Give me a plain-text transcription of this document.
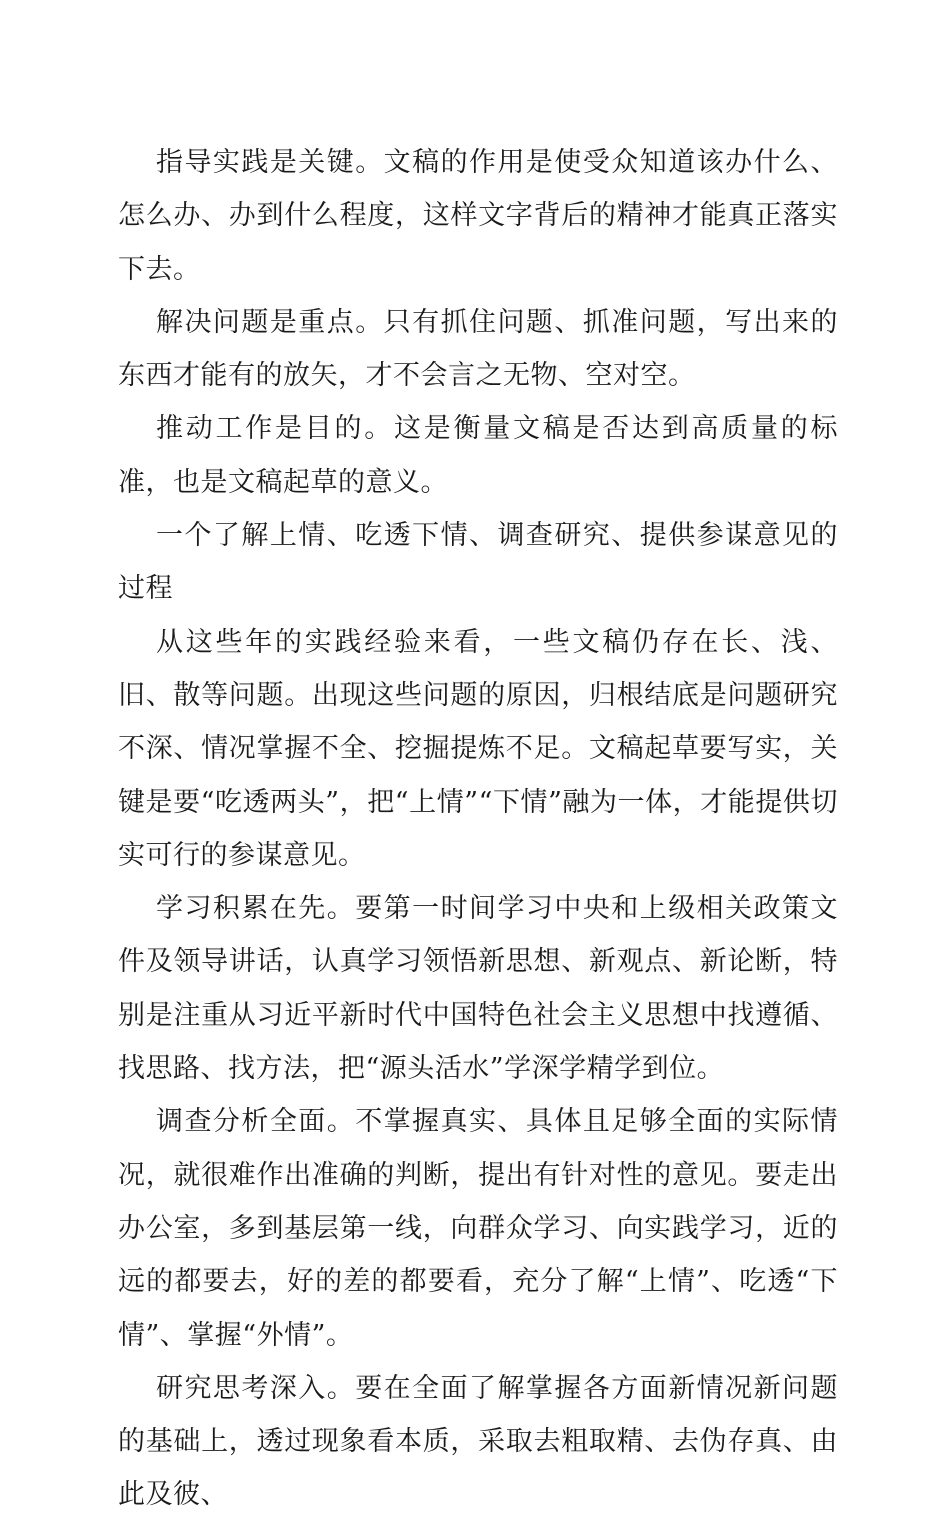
指导实践是关键。文稿的作用是使受众知道该办什么、怎么办、办到什么程度，这样文字背后的精神才能真正落实下去。

解决问题是重点。只有抓住问题、抓准问题，写出来的东西才能有的放矢，才不会言之无物、空对空。

推动工作是目的。这是衡量文稿是否达到高质量的标准，也是文稿起草的意义。

一个了解上情、吃透下情、调查研究、提供参谋意见的过程

从这些年的实践经验来看，一些文稿仍存在长、浅、旧、散等问题。出现这些问题的原因，归根结底是问题研究不深、情况掌握不全、挖掘提炼不足。文稿起草要写实，关键是要“吃透两头”，把“上情”“下情”融为一体，才能提供切实可行的参谋意见。

学习积累在先。要第一时间学习中央和上级相关政策文件及领导讲话，认真学习领悟新思想、新观点、新论断，特别是注重从习近平新时代中国特色社会主义思想中找遵循、找思路、找方法，把“源头活水”学深学精学到位。

调查分析全面。不掌握真实、具体且足够全面的实际情况，就很难作出准确的判断，提出有针对性的意见。要走出办公室，多到基层第一线，向群众学习、向实践学习，近的远的都要去，好的差的都要看，充分了解“上情”、吃透“下情”、掌握“外情”。

研究思考深入。要在全面了解掌握各方面新情况新问题的基础上，透过现象看本质，采取去粗取精、去伪存真、由此及彼、
